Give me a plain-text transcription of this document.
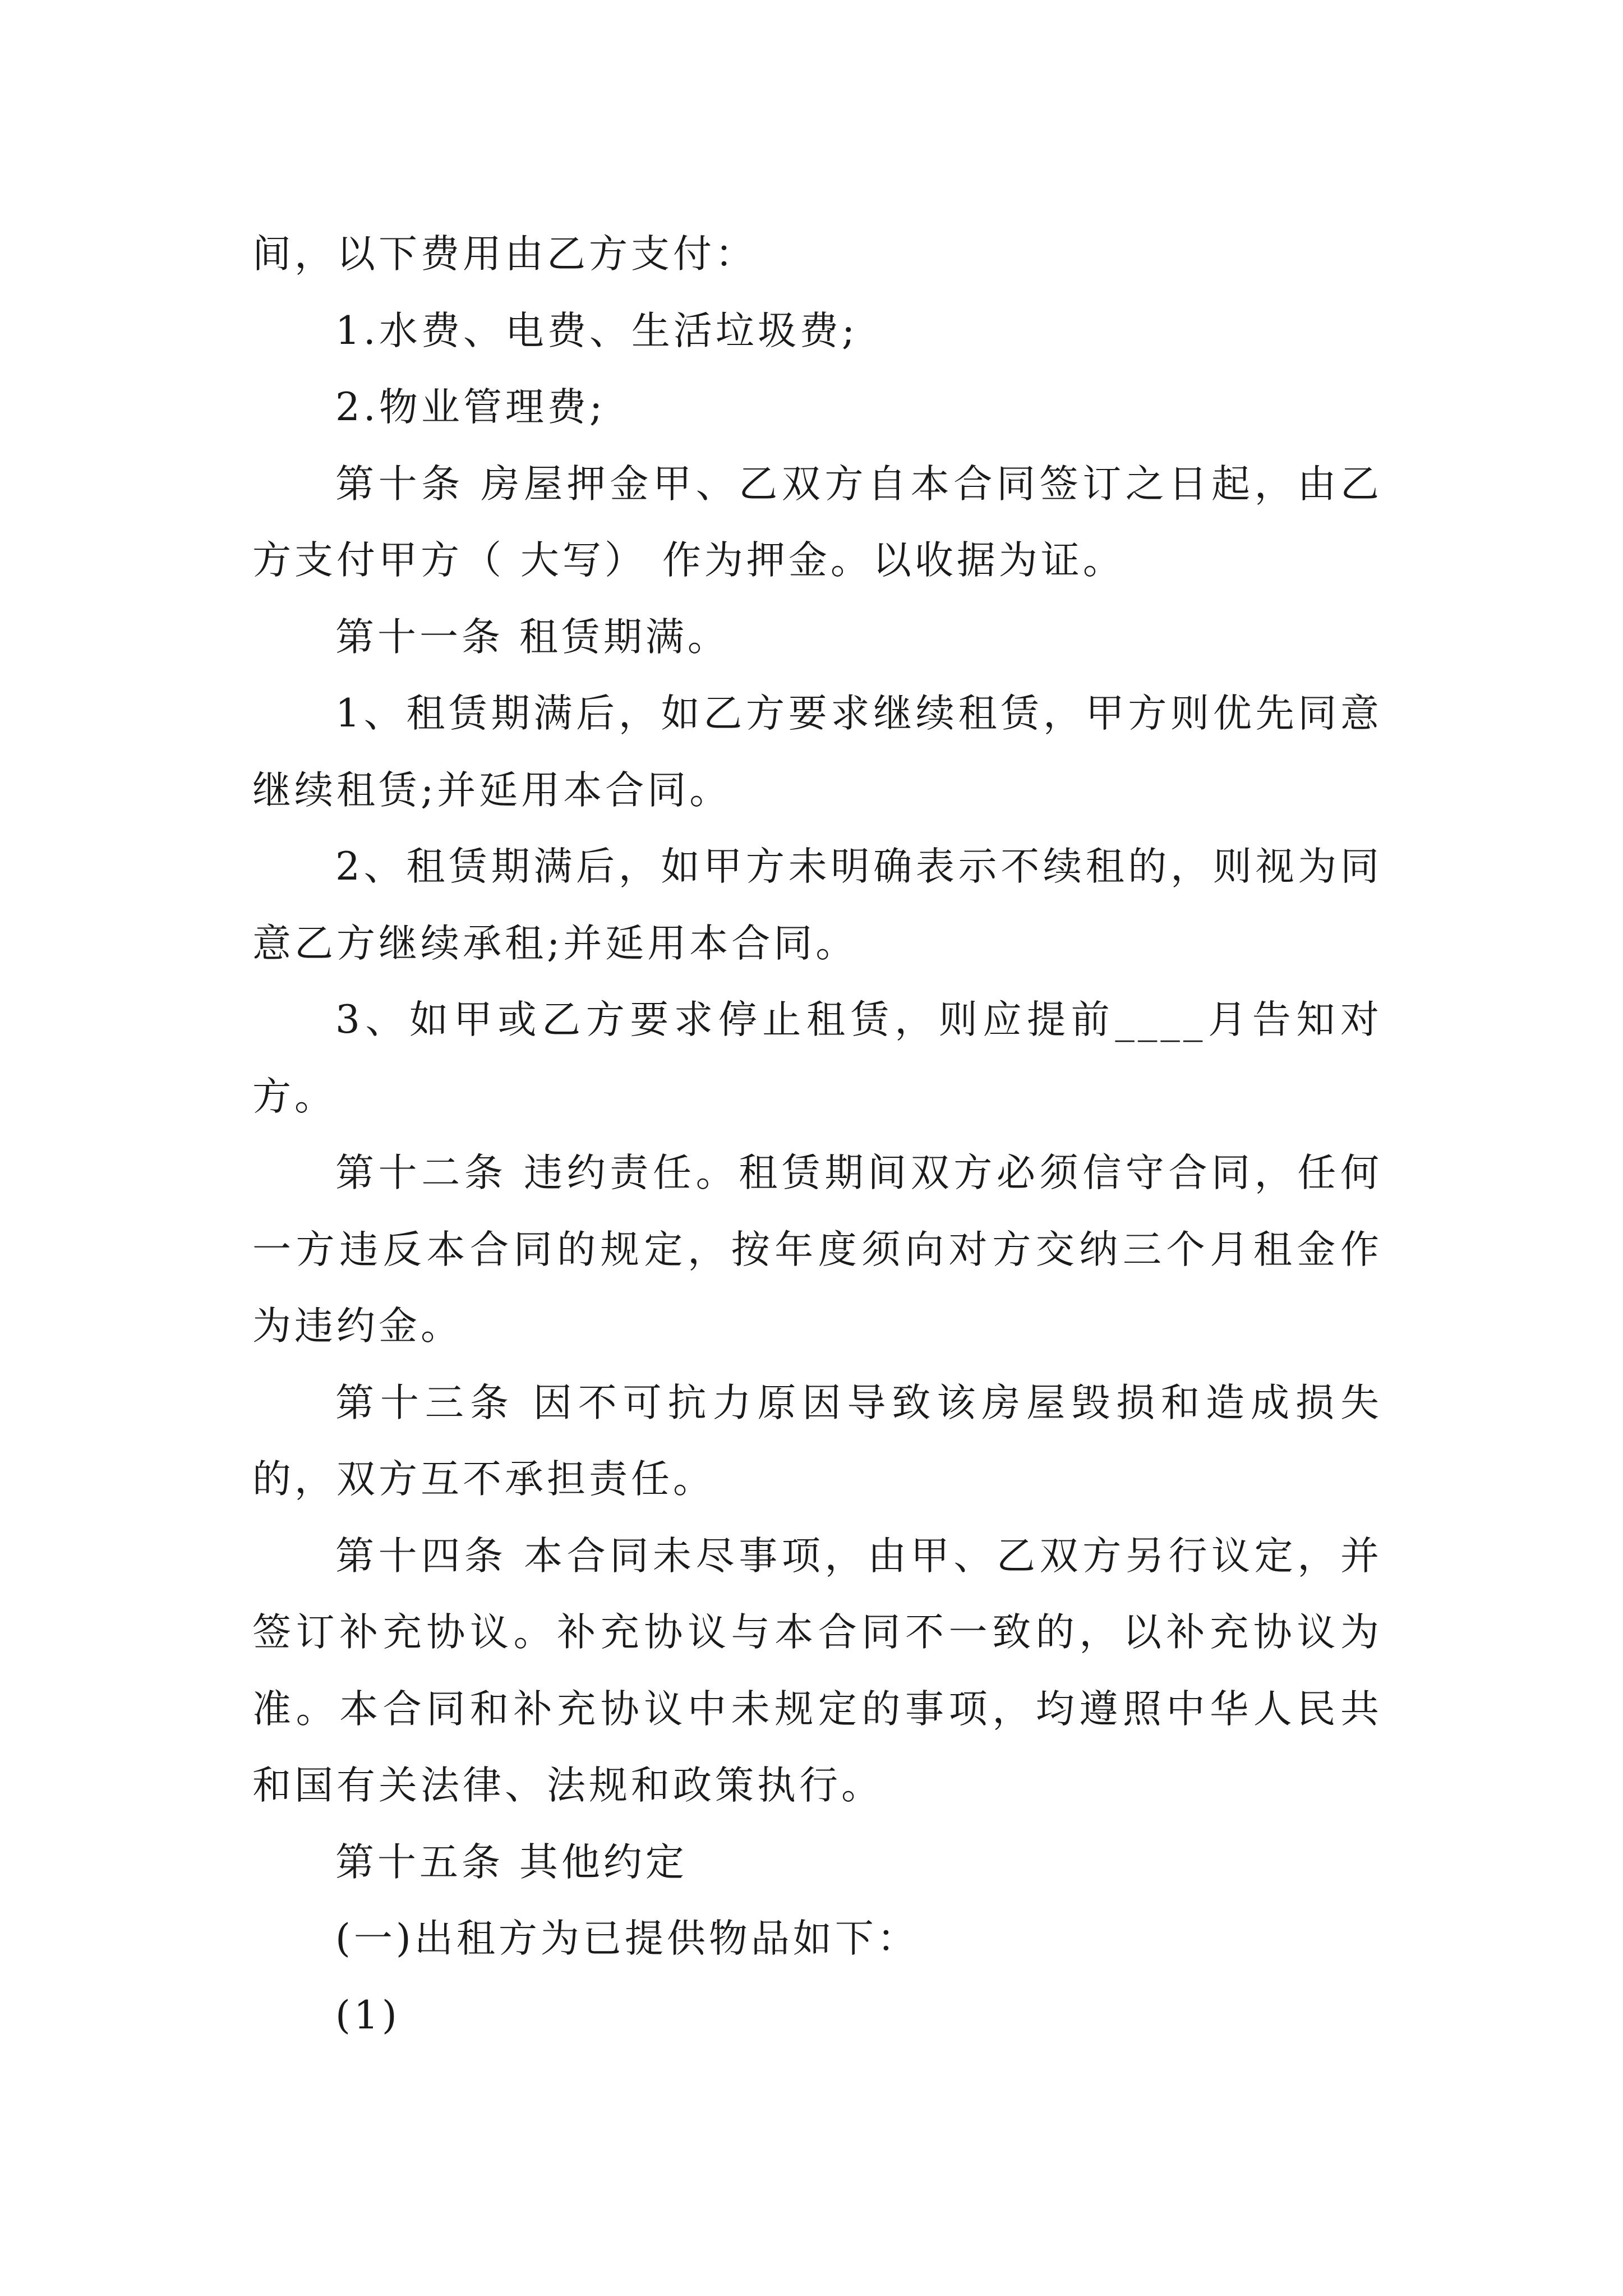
间，以下费用由乙方支付：

1.水费、电费、生活垃圾费;

2.物业管理费;

第十条 房屋押金甲、乙双方自本合同签订之日起，由乙方支付甲方（ 大写） 作为押金。以收据为证。

第十一条 租赁期满。

1、租赁期满后，如乙方要求继续租赁，甲方则优先同意继续租赁;并延用本合同。

2、租赁期满后，如甲方未明确表示不续租的，则视为同意乙方继续承租;并延用本合同。

3、如甲或乙方要求停止租赁，则应提前____月告知对方。

第十二条 违约责任。租赁期间双方必须信守合同，任何一方违反本合同的规定，按年度须向对方交纳三个月租金作为违约金。

第十三条 因不可抗力原因导致该房屋毁损和造成损失的，双方互不承担责任。

第十四条 本合同未尽事项，由甲、乙双方另行议定，并签订补充协议。补充协议与本合同不一致的，以补充协议为准。本合同和补充协议中未规定的事项，均遵照中华人民共和国有关法律、法规和政策执行。

第十五条 其他约定

(一)出租方为已提供物品如下：

(1)
